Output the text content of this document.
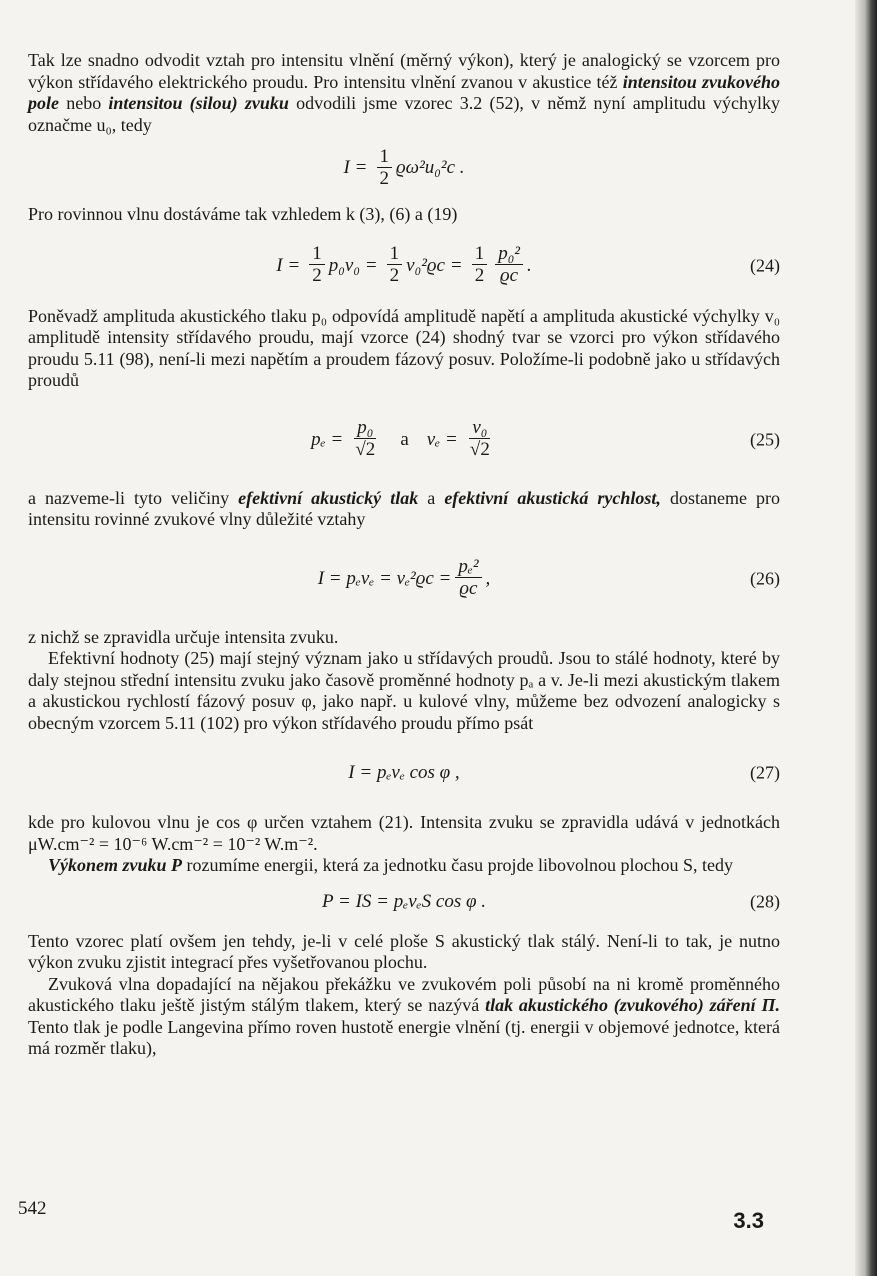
Tak lze snadno odvodit vztah pro intensitu vlnění (měrný výkon), který je analogický se vzorcem pro výkon střídavého elektrického proudu. Pro intensitu vlnění zvanou v akustice též intensitou zvukového pole nebo intensitou (silou) zvuku odvodili jsme vzorec 3.2 (52), v němž nyní amplitudu výchylky označme u₀, tedy

$I = \frac{1}{2} ϱ\omega^2u_0^2c$ .

Pro rovinnou vlnu dostáváme tak vzhledem k (3), (6) a (19)

$I = \frac{1}{2} p_0v_0 = \frac{1}{2} v_0^2ϱc = \frac{1}{2} \frac{\text{p₀²}}{ϱc}$ .	(24)

Poněvadž amplituda akustického tlaku p₀ odpovídá amplitudě napětí a amplituda akustické výchylky v₀ amplitudě intensity střídavého proudu, mají vzorce (24) shodný tvar se vzorci pro výkon střídavého proudu 5.11 (98), není-li mezi napětím a proudem fázový posuv. Položíme-li podobně jako u střídavých proudů

$p_e = \frac{\text{p₀}}{√2}$ a $v_e = \frac{\text{v₀}}{√2}$	(25)

a nazveme-li tyto veličiny efektivní akustický tlak a efektivní akustická rychlost, dostaneme pro intensitu rovinné zvukové vlny důležité vztahy

$I = p_ev_e = v_e^2ϱc = \frac{\text{pₑ²}}{ϱc}$ ,	(26)

z nichž se zpravidla určuje intensita zvuku.

Efektivní hodnoty (25) mají stejný význam jako u střídavých proudů. Jsou to stálé hodnoty, které by daly stejnou střední intensitu zvuku jako časově proměnné hodnoty pₐ a v. Je-li mezi akustickým tlakem a akustickou rychlostí fázový posuv φ, jako např. u kulové vlny, můžeme bez odvození analogicky s obecným vzorcem 5.11 (102) pro výkon střídavého proudu přímo psát

I = pₑvₑ cos φ ,	(27)

kde pro kulovou vlnu je cos φ určen vztahem (21). Intensita zvuku se zpravidla udává v jednotkách μW.cm⁻² = 10⁻⁶ W.cm⁻² = 10⁻² W.m⁻².

Výkonem zvuku P rozumíme energii, která za jednotku času projde libovolnou plochou S, tedy

P = IS = pₑvₑS cos φ .	(28)

Tento vzorec platí ovšem jen tehdy, je-li v celé ploše S akustický tlak stálý. Není-li to tak, je nutno výkon zvuku zjistit integrací přes vyšetřovanou plochu.

Zvuková vlna dopadající na nějakou překážku ve zvukovém poli působí na ni kromě proměnného akustického tlaku ještě jistým stálým tlakem, který se nazývá tlak akustického (zvukového) záření Π. Tento tlak je podle Langevina přímo roven hustotě energie vlnění (tj. energii v objemové jednotce, která má rozměr tlaku),

542	3.3
